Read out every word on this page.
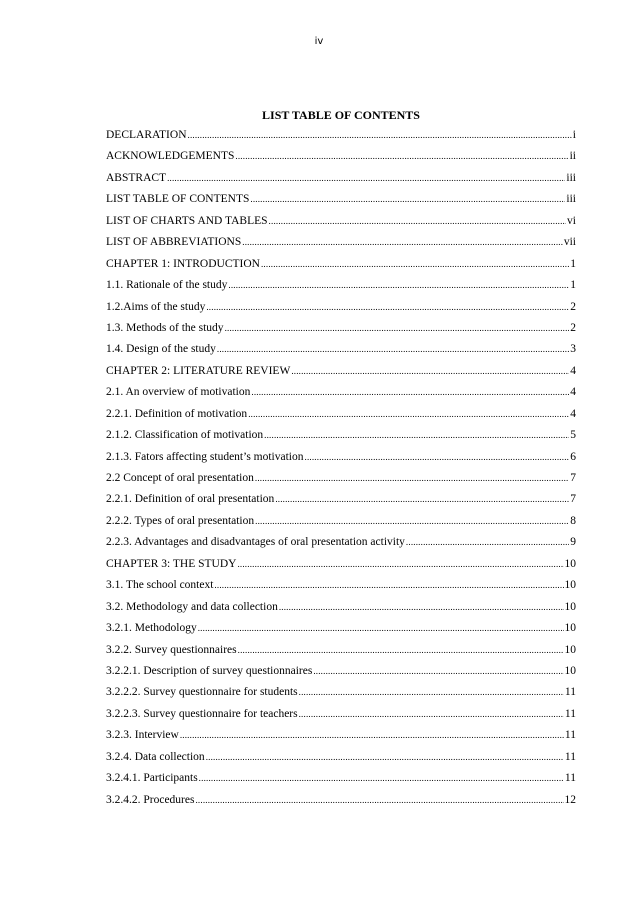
iv
LIST TABLE OF CONTENTS
DECLARATION .....	i
ACKNOWLEDGEMENTS .....	ii
ABSTRACT .....	iii
LIST TABLE OF CONTENTS .....	iii
LIST OF CHARTS AND TABLES .....	vi
LIST OF ABBREVIATIONS .....	vii
CHAPTER 1: INTRODUCTION .....	1
1.1. Rationale of the study .....	1
1.2.Aims of the study .....	2
1.3. Methods of the study .....	2
1.4. Design of the study .....	3
CHAPTER 2: LITERATURE REVIEW .....	4
2.1. An overview of motivation .....	4
2.2.1. Definition of motivation .....	4
2.1.2. Classification of motivation .....	5
2.1.3. Fators affecting student’s motivation .....	6
2.2 Concept of oral presentation .....	7
2.2.1. Definition of oral presentation .....	7
2.2.2. Types of oral presentation .....	8
2.2.3. Advantages and disadvantages of oral presentation activity .....	9
CHAPTER 3: THE STUDY .....	10
3.1. The school context .....	10
3.2. Methodology and data collection .....	10
3.2.1. Methodology .....	10
3.2.2. Survey questionnaires .....	10
3.2.2.1. Description of survey questionnaires .....	10
3.2.2.2. Survey questionnaire for students .....	11
3.2.2.3. Survey questionnaire for teachers .....	11
3.2.3. Interview .....	11
3.2.4. Data collection .....	11
3.2.4.1. Participants .....	11
3.2.4.2. Procedures .....	12
